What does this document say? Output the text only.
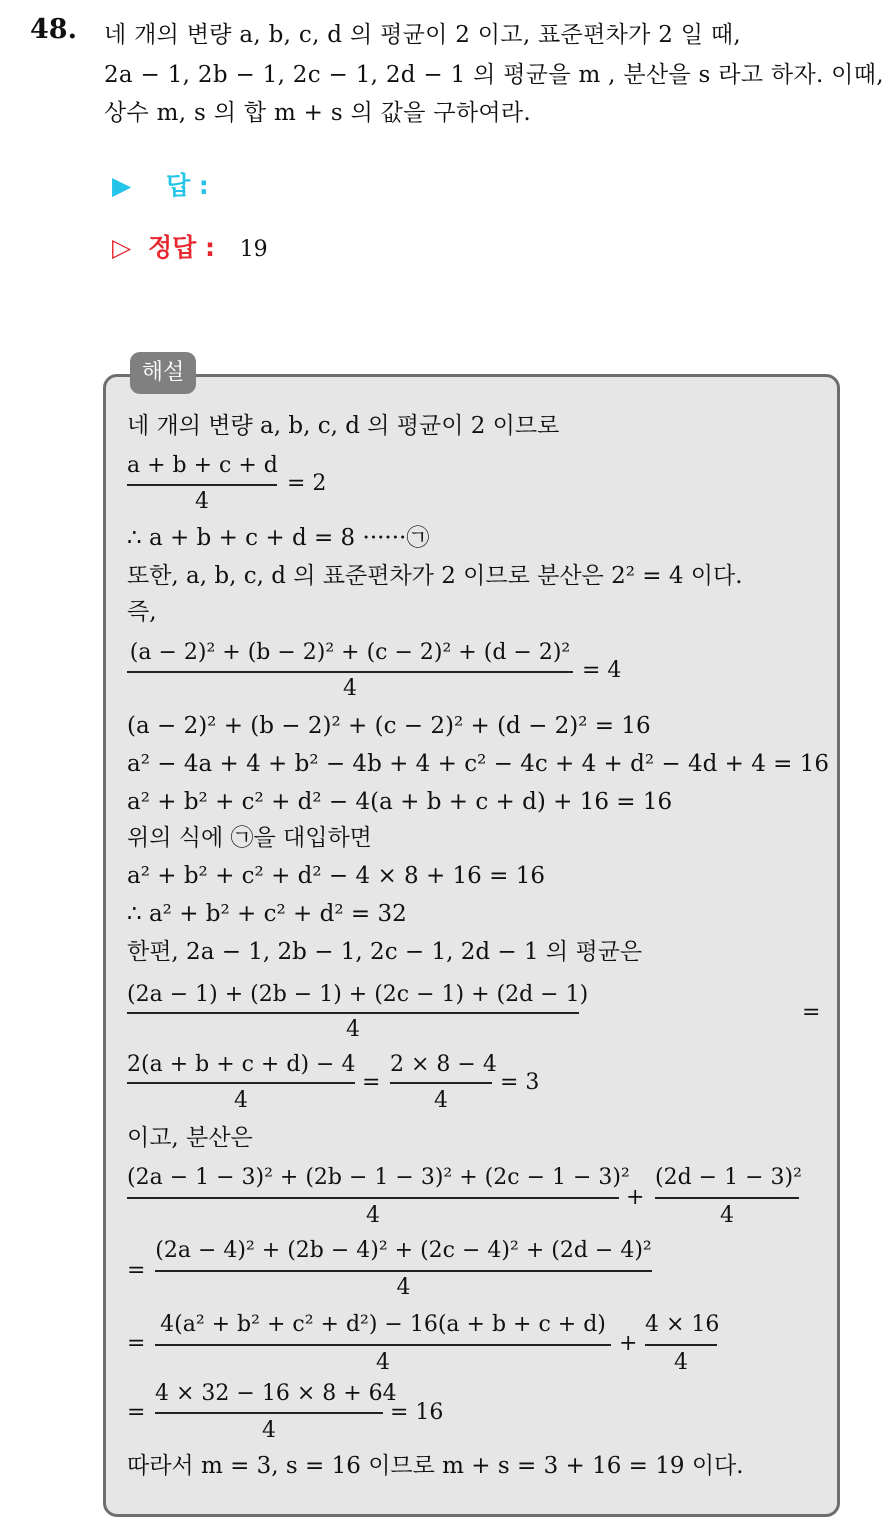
48. 네 개의 변량 a, b, c, d 의 평균이 2 이고, 표준편차가 2 일 때,
2a − 1, 2b − 1, 2c − 1, 2d − 1 의 평균을 m , 분산을 s 라고 하자. 이때,
상수 m, s 의 합 m + s 의 값을 구하여라.
▶ 답 :
▷ 정답 : 19
해설
네 개의 변량 a, b, c, d 의 평균이 2 이므로
a + b + c + d
4
= 2
∴ a + b + c + d = 8 ······㉠
또한, a, b, c, d 의 표준편차가 2 이므로 분산은 2² = 4 이다.
즉,
(a − 2)² + (b − 2)² + (c − 2)² + (d − 2)²
4
= 4
(a − 2)² + (b − 2)² + (c − 2)² + (d − 2)² = 16
a² − 4a + 4 + b² − 4b + 4 + c² − 4c + 4 + d² − 4d + 4 = 16
a² + b² + c² + d² − 4(a + b + c + d) + 16 = 16
위의 식에 ㉠을 대입하면
a² + b² + c² + d² − 4 × 8 + 16 = 16
∴ a² + b² + c² + d² = 32
한편, 2a − 1, 2b − 1, 2c − 1, 2d − 1 의 평균은
(2a − 1) + (2b − 1) + (2c − 1) + (2d − 1)
4
=
2(a + b + c + d) − 4
4
=
2 × 8 − 4
4
= 3
이고, 분산은
(2a − 1 − 3)² + (2b − 1 − 3)² + (2c − 1 − 3)²
4
+
(2d − 1 − 3)²
4
=
(2a − 4)² + (2b − 4)² + (2c − 4)² + (2d − 4)²
4
=
4(a² + b² + c² + d²) − 16(a + b + c + d)
4
+
4 × 16
4
=
4 × 32 − 16 × 8 + 64
4
= 16
따라서 m = 3, s = 16 이므로 m + s = 3 + 16 = 19 이다.
